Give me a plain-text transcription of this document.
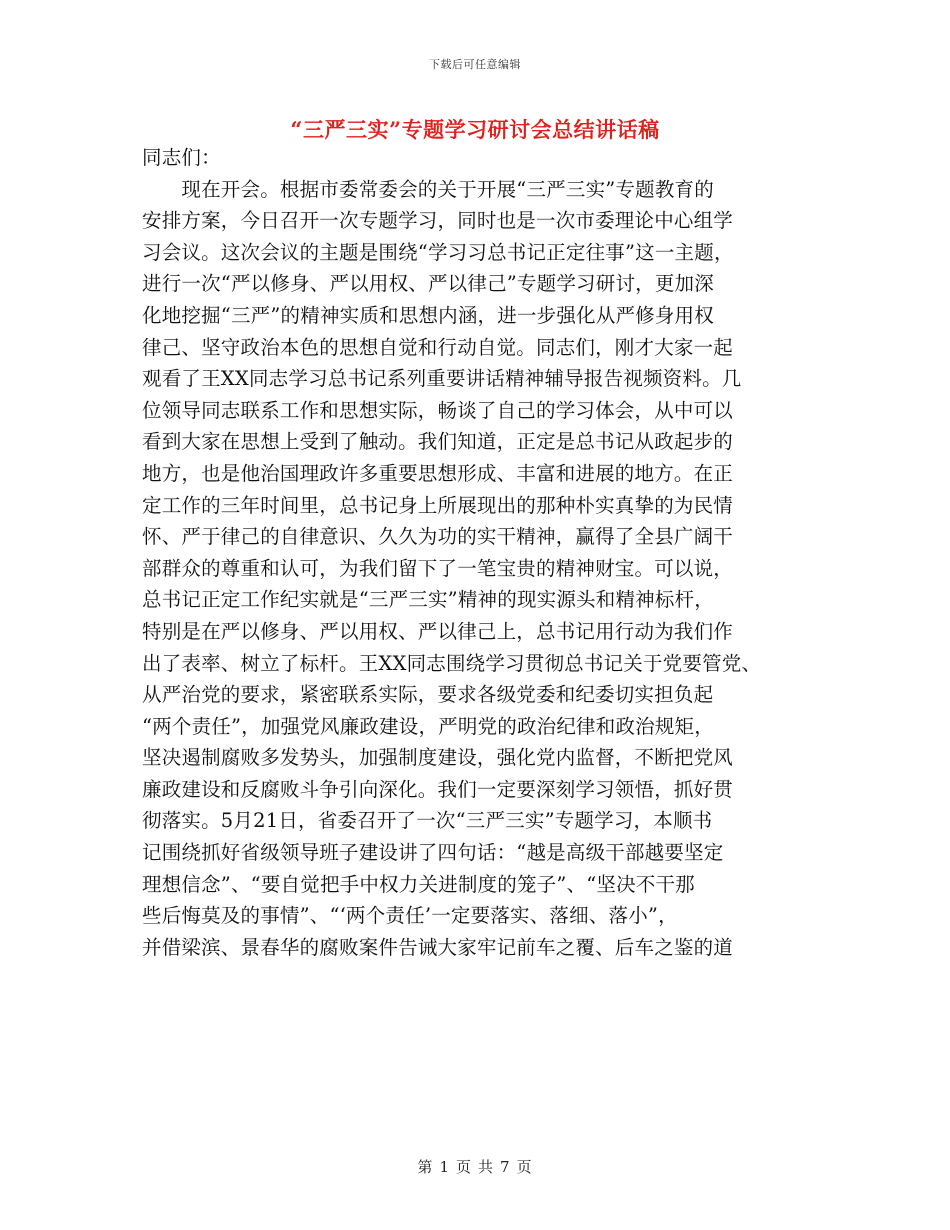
下载后可任意编辑
“三严三实”专题学习研讨会总结讲话稿
同志们：
　　现在开会。根据市委常委会的关于开展“三严三实”专题教育的
安排方案，今日召开一次专题学习，同时也是一次市委理论中心组学
习会议。这次会议的主题是围绕“学习习总书记正定往事”这一主题，
进行一次“严以修身、严以用权、严以律己”专题学习研讨，更加深
化地挖掘“三严”的精神实质和思想内涵，进一步强化从严修身用权
律己、坚守政治本色的思想自觉和行动自觉。同志们，刚才大家一起
观看了王XX同志学习总书记系列重要讲话精神辅导报告视频资料。几
位领导同志联系工作和思想实际，畅谈了自己的学习体会，从中可以
看到大家在思想上受到了触动。我们知道，正定是总书记从政起步的
地方，也是他治国理政许多重要思想形成、丰富和进展的地方。在正
定工作的三年时间里，总书记身上所展现出的那种朴实真挚的为民情
怀、严于律己的自律意识、久久为功的实干精神，赢得了全县广阔干
部群众的尊重和认可，为我们留下了一笔宝贵的精神财宝。可以说，
总书记正定工作纪实就是“三严三实”精神的现实源头和精神标杆，
特别是在严以修身、严以用权、严以律己上，总书记用行动为我们作
出了表率、树立了标杆。王XX同志围绕学习贯彻总书记关于党要管党、
从严治党的要求，紧密联系实际，要求各级党委和纪委切实担负起
“两个责任”，加强党风廉政建设，严明党的政治纪律和政治规矩，
坚决遏制腐败多发势头，加强制度建设，强化党内监督，不断把党风
廉政建设和反腐败斗争引向深化。我们一定要深刻学习领悟，抓好贯
彻落实。5月21日，省委召开了一次“三严三实”专题学习，本顺书
记围绕抓好省级领导班子建设讲了四句话：“越是高级干部越要坚定
理想信念”、“要自觉把手中权力关进制度的笼子”、“坚决不干那
些后悔莫及的事情”、“‘两个责任’一定要落实、落细、落小”，
并借梁滨、景春华的腐败案件告诫大家牢记前车之覆、后车之鉴的道
第 1 页 共 7 页
